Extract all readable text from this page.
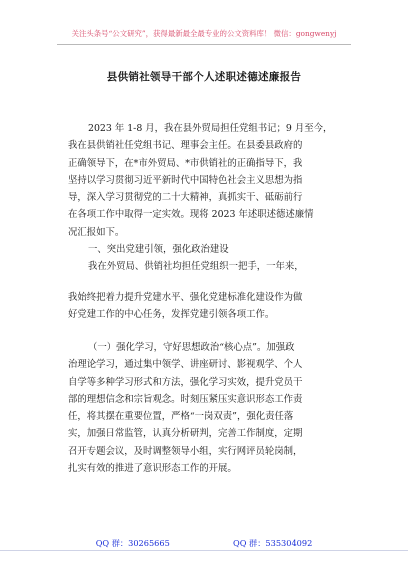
关注头条号“公文研究”，获得最新最全最专业的公文资料库！ 微信：gongwenyj
县供销社领导干部个人述职述德述廉报告
2023 年 1-8 月，我在县外贸局担任党组书记；9 月至今，
我在县供销社任党组书记、理事会主任。在县委县政府的
正确领导下，在*市外贸局、*市供销社的正确指导下，我
坚持以学习贯彻习近平新时代中国特色社会主义思想为指
导，深入学习贯彻党的二十大精神，真抓实干、砥砺前行
在各项工作中取得一定实效。现将 2023 年述职述德述廉情
况汇报如下。
一、突出党建引领，强化政治建设
我在外贸局、供销社均担任党组织一把手，一年来，
我始终把着力提升党建水平、强化党建标准化建设作为做
好党建工作的中心任务，发挥党建引领各项工作。
（一）强化学习，守好思想政治“核心点”。加强政
治理论学习，通过集中领学、讲座研讨、影视观学、个人
自学等多种学习形式和方法，强化学习实效，提升党员干
部的理想信念和宗旨观念。时刻压紧压实意识形态工作责
任，将其摆在重要位置，严格“一岗双责”，强化责任落
实，加强日常监管，认真分析研判，完善工作制度，定期
召开专题会议，及时调整领导小组，实行网评员轮岗制，
扎实有效的推进了意识形态工作的开展。
QQ 群：30265665	QQ 群：535304092
